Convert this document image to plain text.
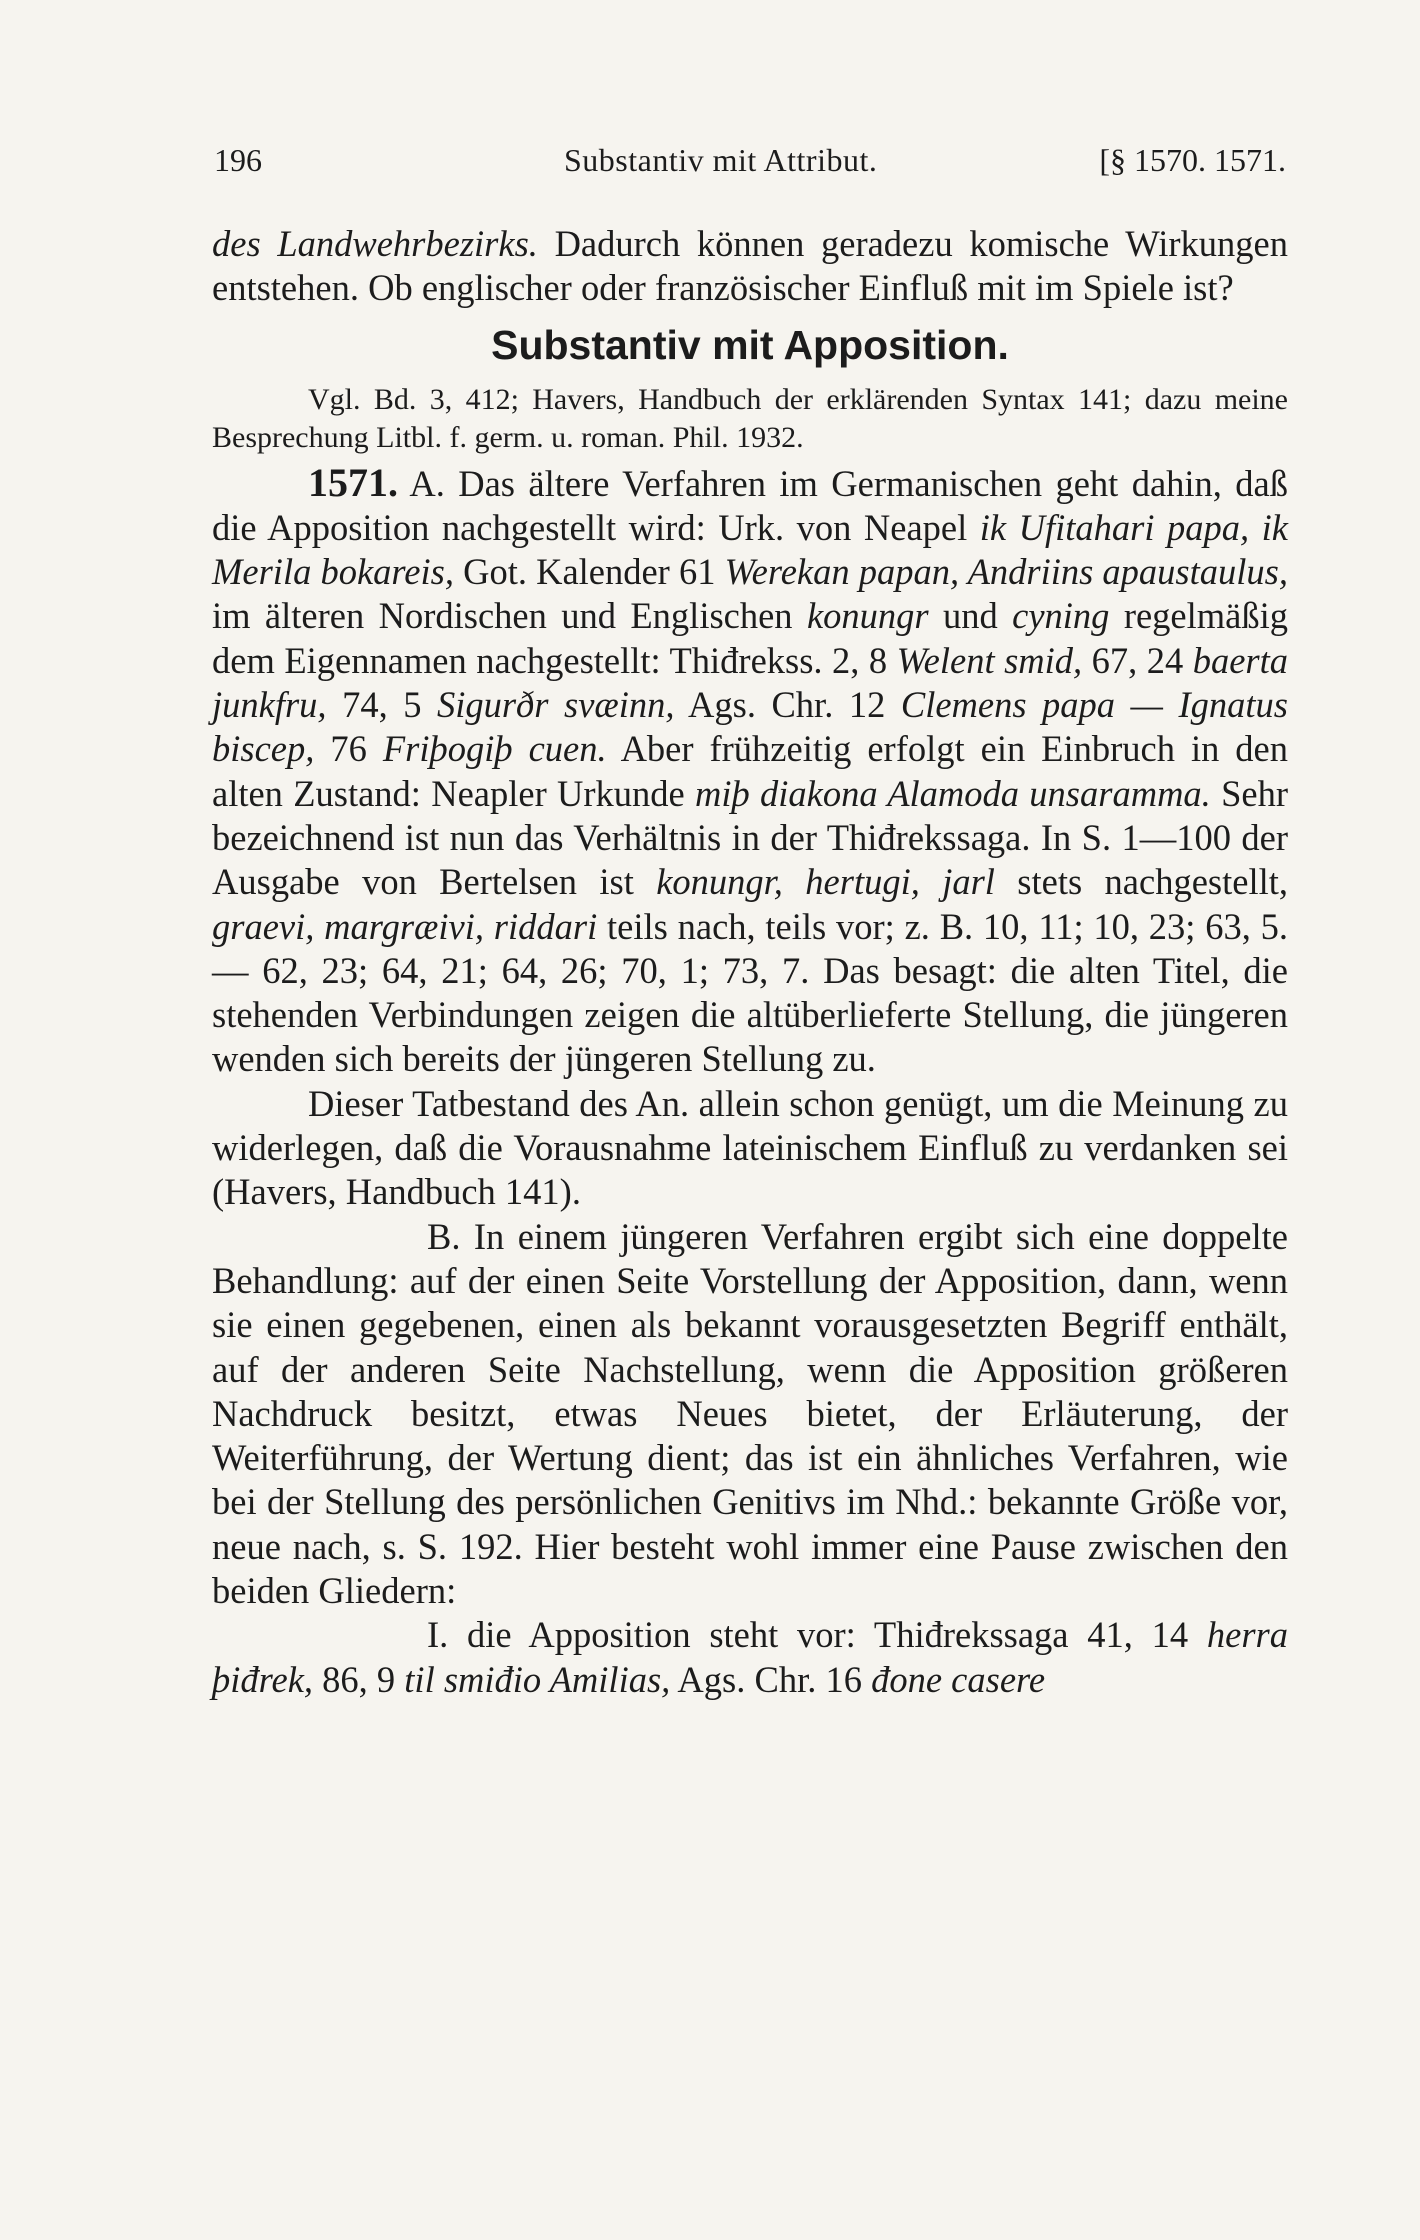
196	Substantiv mit Attribut.	[§ 1570. 1571.

des Landwehrbezirks. Dadurch können geradezu komische Wirkungen entstehen. Ob englischer oder französischer Einfluß mit im Spiele ist?

Substantiv mit Apposition.

Vgl. Bd. 3, 412; Havers, Handbuch der erklärenden Syntax 141; dazu meine Besprechung Litbl. f. germ. u. roman. Phil. 1932.

1571. A. Das ältere Verfahren im Germanischen geht dahin, daß die Apposition nachgestellt wird: Urk. von Neapel ik Ufitahari papa, ik Merila bokareis, Got. Kalender 61 Werekan papan, Andriins apaustaulus, im älteren Nordischen und Englischen konungr und cyning regelmäßig dem Eigennamen nachgestellt: Thiđrekss. 2, 8 Welent smid, 67, 24 baerta junkfru, 74, 5 Sigurðr svæinn, Ags. Chr. 12 Clemens papa — Ignatus biscep, 76 Friþogiþ cuen. Aber frühzeitig erfolgt ein Einbruch in den alten Zustand: Neapler Urkunde miþ diakona Alamoda unsaramma. Sehr bezeichnend ist nun das Verhältnis in der Thiđrekssaga. In S. 1—100 der Ausgabe von Bertelsen ist konungr, hertugi, jarl stets nachgestellt, graevi, margræivi, riddari teils nach, teils vor; z. B. 10, 11; 10, 23; 63, 5. — 62, 23; 64, 21; 64, 26; 70, 1; 73, 7. Das besagt: die alten Titel, die stehenden Verbindungen zeigen die altüberlieferte Stellung, die jüngeren wenden sich bereits der jüngeren Stellung zu.

Dieser Tatbestand des An. allein schon genügt, um die Meinung zu widerlegen, daß die Vorausnahme lateinischem Einfluß zu verdanken sei (Havers, Handbuch 141).

B. In einem jüngeren Verfahren ergibt sich eine doppelte Behandlung: auf der einen Seite Vorstellung der Apposition, dann, wenn sie einen gegebenen, einen als bekannt vorausgesetzten Begriff enthält, auf der anderen Seite Nachstellung, wenn die Apposition größeren Nachdruck besitzt, etwas Neues bietet, der Erläuterung, der Weiterführung, der Wertung dient; das ist ein ähnliches Verfahren, wie bei der Stellung des persönlichen Genitivs im Nhd.: bekannte Größe vor, neue nach, s. S. 192. Hier besteht wohl immer eine Pause zwischen den beiden Gliedern:

I. die Apposition steht vor: Thiđrekssaga 41, 14 herra þiđrek, 86, 9 til smiđio Amilias, Ags. Chr. 16 đone casere
